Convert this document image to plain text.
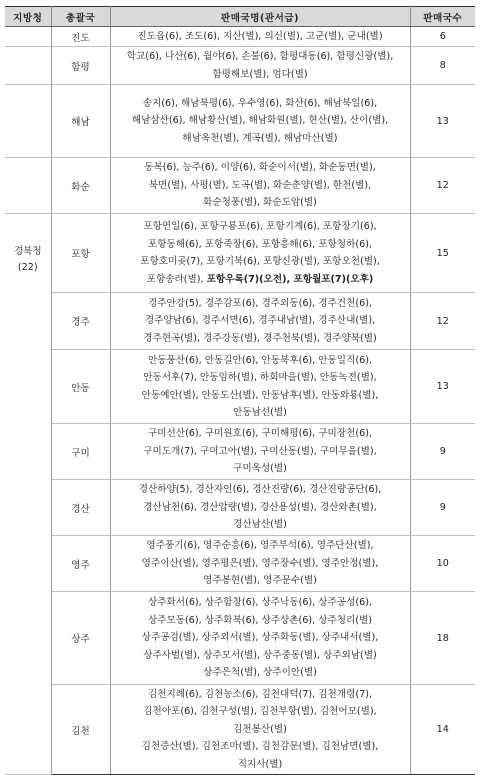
지방청	총괄국	판매국명(관서급)	판매국수
	진도	진도읍(6), 조도(6), 지산(별), 의신(별), 고군(별), 군내(별)	6
	함평	학교(6), 나산(6), 월야(6), 손불(6), 함평대동(6), 함평신광(별),
함평해보(별), 엄다(별)	8
	해남	송지(6), 해남북평(6), 우수영(6), 화산(6), 해남북일(6),
해남삼산(6), 해남황산(별), 해남화원(별), 현산(별), 산이(별),
해남옥천(별), 계곡(별), 해남마산(별)	13
	화순	동복(6), 능주(6), 이양(6), 화순이서(별), 화순동면(별),
북면(별), 사평(별), 도곡(별), 화순춘양(별), 한천(별),
화순청풍(별), 화순도암(별)	12

경북청
(22)	포항	포항연일(6), 포항구룡포(6), 포항기계(6), 포항장기(6),
포항동해(6), 포항죽장(6), 포항흥해(6), 포항청하(6),
포항호미곶(7), 포항기북(6), 포항신광(별), 포항오천(별),
포항송라(별), 포항우록(7)(오전), 포항월포(7)(오후)	15
	경주	경주안강(5), 경주감포(6), 경주외동(6), 경주건천(6),
경주양남(6), 경주서면(6), 경주내남(별), 경주산내(별),
경주현곡(별), 경주강동(별), 경주천북(별), 경주양북(별)	12
	안동	안동풍산(6), 안동길안(6), 안동북후(6), 안동일직(6),
안동서후(7), 안동임하(별), 하회마을(별), 안동녹전(별),
안동예안(별), 안동도산(별), 안동남후(별), 안동와룡(별),
안동남선(별)	13
	구미	구미선산(6), 구미원호(6), 구미해평(6), 구미장천(6),
구미도개(7), 구미고아(별), 구미산동(별), 구미무을(별),
구미옥성(별)	9
	경산	경산하양(5), 경산자인(6), 경산진량(6), 경산진량공단(6),
경산남천(6), 경산압량(별), 경산용성(별), 경산와촌(별),
경산남산(별)	9
	영주	영주풍기(6), 영주순흥(6), 영주부석(6), 영주단산(별),
영주이산(별), 영주평은(별), 영주장수(별), 영주안정(별),
영주봉현(별), 영주문수(별)	10
	상주	상주화서(6), 상주함창(6), 상주낙동(6), 상주공성(6),
상주모동(6), 상주화북(6), 상주상촌(6), 상주청리(별)
상주공검(별), 상주외서(별), 상주화동(별), 상주내서(별),
상주사벌(별), 상주모서(별), 상주중동(별), 상주외남(별)
상주은척(별), 상주이안(별)	18
	김천	김천지례(6), 김천농소(6), 김천대덕(7), 김천개령(7),
김천아포(6), 김천구성(별), 김천부항(별), 김천어모(별),
김천봉산(별)
김천증산(별), 김천조마(별), 김천감문(별), 김천남면(별),
직지사(별)	14
